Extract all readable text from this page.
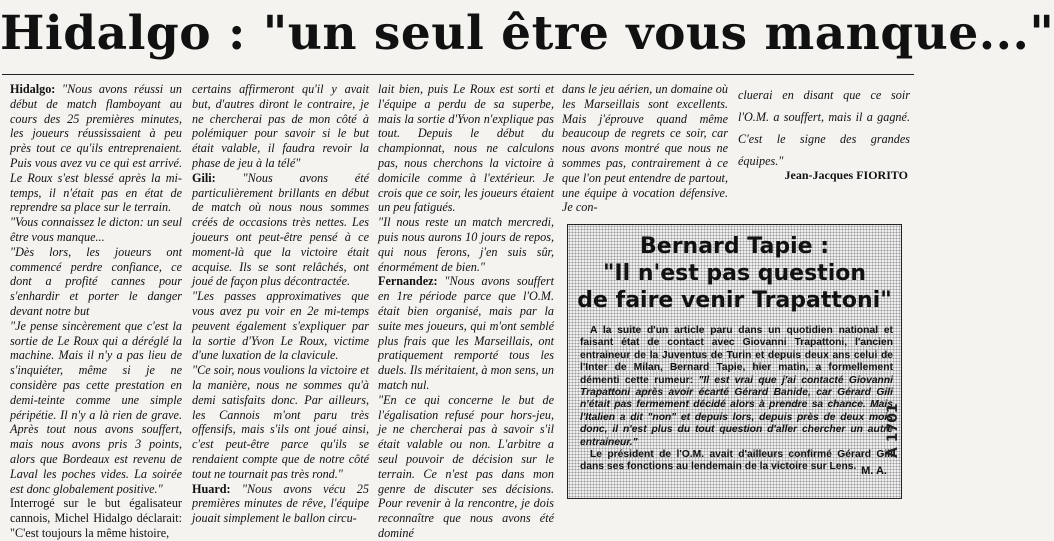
Hidalgo : "un seul être vous manque..."

Hidalgo: "Nous avons réussi un début de match flamboyant au cours des 25 premières minutes, les joueurs réussissaient à peu près tout ce qu'ils entreprenaient. Puis vous avez vu ce qui est arrivé. Le Roux s'est blessé après la mi-temps, il n'était pas en état de reprendre sa place sur le terrain.

"Vous connaissez le dicton: un seul être vous manque...

"Dès lors, les joueurs ont commencé perdre confiance, ce dont a profité cannes pour s'enhardir et porter le danger devant notre but

"Je pense sincèrement que c'est la sortie de Le Roux qui a déréglé la machine. Mais il n'y a pas lieu de s'inquiéter, même si je ne considère pas cette prestation en demi-teinte comme une simple péripétie. Il n'y a là rien de grave. Après tout nous avons souffert, mais nous avons pris 3 points, alors que Bordeaux est revenu de Laval les poches vides. La soirée est donc globalement positive."

Interrogé sur le but égalisateur cannois, Michel Hidalgo déclarait: "C'est toujours la même histoire,

certains affirmeront qu'il y avait but, d'autres diront le contraire, je ne chercherai pas de mon côté à polémiquer pour savoir si le but était valable, il faudra revoir la phase de jeu à la télé"

Gili: "Nous avons été particulièrement brillants en début de match où nous nous sommes créés de occasions très nettes. Les joueurs ont peut-être pensé à ce moment-là que la victoire était acquise. Ils se sont relâchés, ont joué de façon plus décontractée.

"Les passes approximatives que vous avez pu voir en 2e mi-temps peuvent également s'expliquer par la sortie d'Yvon Le Roux, victime d'une luxation de la clavicule.

"Ce soir, nous voulions la victoire et la manière, nous ne sommes qu'à demi satisfaits donc. Par ailleurs, les Cannois m'ont paru très offensifs, mais s'ils ont joué ainsi, c'est peut-être parce qu'ils se rendaient compte que de notre côté tout ne tournait pas très rond."

Huard: "Nous avons vécu 25 premières minutes de rêve, l'équipe jouait simplement le ballon circu-

lait bien, puis Le Roux est sorti et l'équipe a perdu de sa superbe, mais la sortie d'Yvon n'explique pas tout. Depuis le début du championnat, nous ne calculons pas, nous cherchons la victoire à domicile comme à l'extérieur. Je crois que ce soir, les joueurs étaient un peu fatigués.

"Il nous reste un match mercredi, puis nous aurons 10 jours de repos, qui nous ferons, j'en suis sûr, énormément de bien."

Fernandez: "Nous avons souffert en 1re période parce que l'O.M. était bien organisé, mais par la suite mes joueurs, qui m'ont semblé plus frais que les Marseillais, ont pratiquement remporté tous les duels. Ils méritaient, à mon sens, un match nul.

"En ce qui concerne le but de l'égalisation refusé pour hors-jeu, je ne chercherai pas à savoir s'il était valable ou non. L'arbitre a seul pouvoir de décision sur le terrain. Ce n'est pas dans mon genre de discuter ses décisions. Pour revenir à la rencontre, je dois reconnaître que nous avons été dominé

dans le jeu aérien, un domaine où les Marseillais sont excellents. Mais j'éprouve quand même beaucoup de regrets ce soir, car nous avons montré que nous ne sommes pas, contrairement à ce que l'on peut entendre de partout, une équipe à vocation défensive. Je con-

cluerai en disant que ce soir l'O.M. a souffert, mais il a gagné. C'est le signe des grandes équipes."

Jean-Jacques FIORITO
Bernard Tapie :
"Il n'est pas question
de faire venir Trapattoni"

A la suite d'un article paru dans un quotidien national et faisant état de contact avec Giovanni Trapattoni, l'ancien entraineur de la Juventus de Turin et depuis deux ans celui de l'Inter de Milan, Bernard Tapie, hier matin, a formellement démenti cette rumeur: "Il est vrai que j'ai contacté Giovanni Trapattoni après avoir écarté Gérard Banide, car Gérard Gili n'était pas fermement décidé alors à prendre sa chance. Mais l'Italien a dit "non" et depuis lors, depuis près de deux mois donc, il n'est plus du tout question d'aller chercher un autre entraineur."

Le président de l'O.M. avait d'ailleurs confirmé Gérard Gili dans ses fonctions au lendemain de la victoire sur Lens. M. A.
A 1701
